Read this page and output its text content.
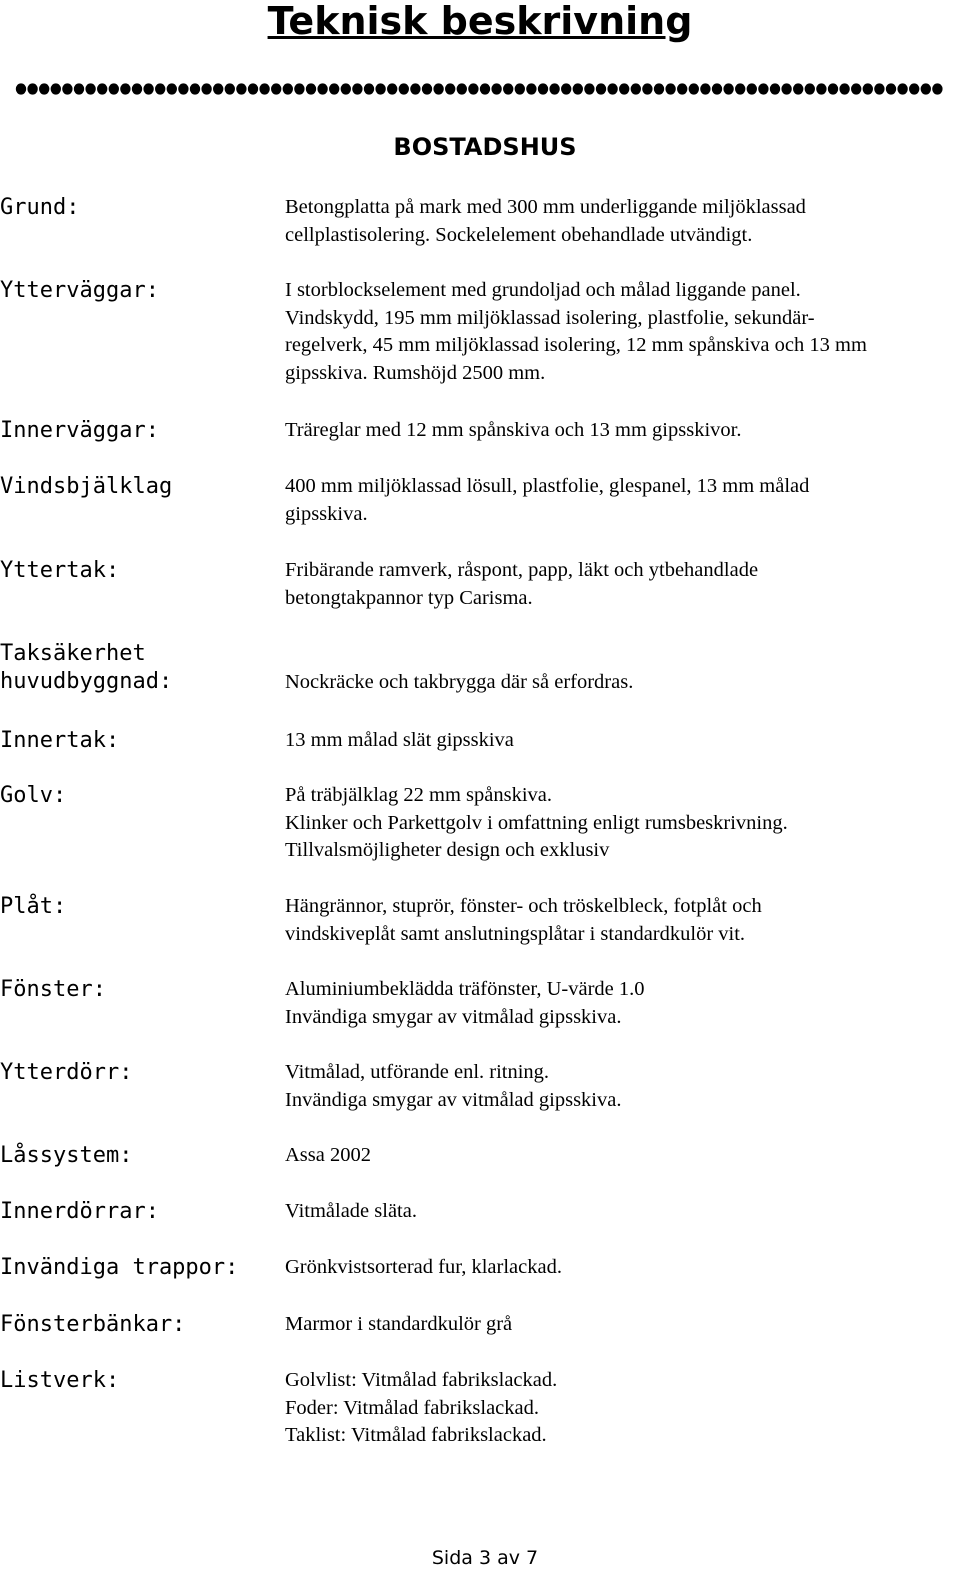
Teknisk beskrivning
BOSTADSHUS
Grund:	Betongplatta på mark med 300 mm underliggande miljöklassad
cellplastisolering. Sockelelement obehandlade utvändigt.
Ytterväggar:	I storblockselement med grundoljad och målad liggande panel.
Vindskydd, 195 mm miljöklassad isolering, plastfolie, sekundär-
regelverk, 45 mm miljöklassad isolering, 12 mm spånskiva och 13 mm
gipsskiva. Rumshöjd 2500 mm.
Innerväggar:	Träreglar med 12 mm spånskiva och 13 mm gipsskivor.
Vindsbjälklag	400 mm miljöklassad lösull, plastfolie, glespanel, 13 mm målad
gipsskiva.
Yttertak:	Fribärande ramverk, råspont, papp, läkt och ytbehandlade
betongtakpannor typ Carisma.
Taksäkerhet
huvudbyggnad:	Nockräcke och takbrygga där så erfordras.
Innertak:	13 mm målad slät gipsskiva
Golv:	På träbjälklag 22 mm spånskiva.
Klinker och Parkettgolv i omfattning enligt rumsbeskrivning.
Tillvalsmöjligheter design och exklusiv
Plåt:	Hängrännor, stuprör, fönster- och tröskelbleck, fotplåt och
vindskiveplåt samt anslutningsplåtar i standardkulör vit.
Fönster:	Aluminiumbeklädda träfönster, U-värde 1.0
Invändiga smygar av vitmålad gipsskiva.
Ytterdörr:	Vitmålad, utförande enl. ritning.
Invändiga smygar av vitmålad gipsskiva.
Låssystem:	Assa 2002
Innerdörrar:	Vitmålade släta.
Invändiga trappor: Grönkvistsorterad fur, klarlackad.
Fönsterbänkar:	Marmor i standardkulör grå
Listverk:	Golvlist: Vitmålad fabrikslackad.
Foder: Vitmålad fabrikslackad.
Taklist: Vitmålad fabrikslackad.
Sida 3 av 7
